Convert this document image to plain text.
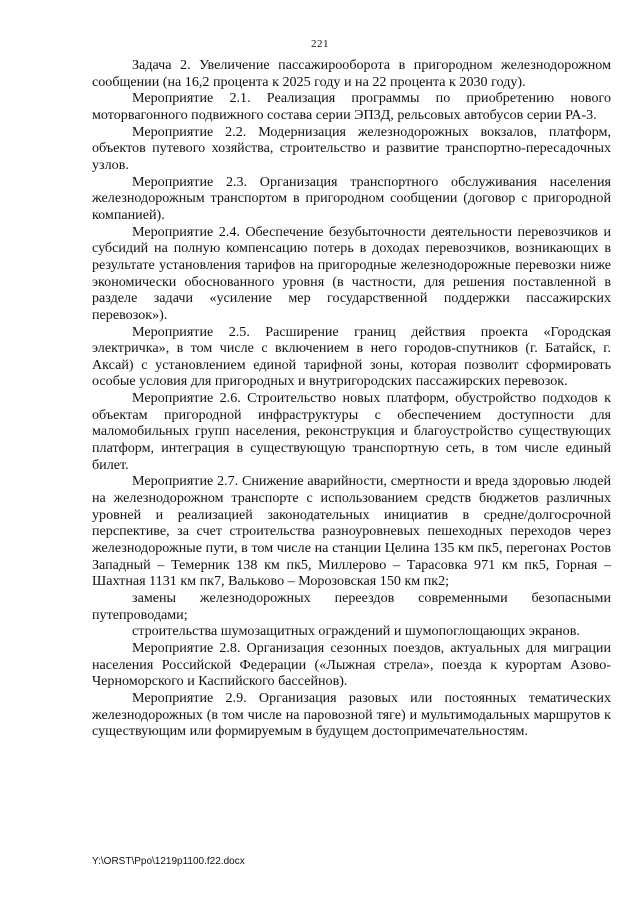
221

Задача 2. Увеличение пассажирооборота в пригородном железнодорожном сообщении (на 16,2 процента к 2025 году и на 22 процента к 2030 году).

Мероприятие 2.1. Реализация программы по приобретению нового моторвагонного подвижного состава серии ЭП3Д, рельсовых автобусов серии РА-3.

Мероприятие 2.2. Модернизация железнодорожных вокзалов, платформ, объектов путевого хозяйства, строительство и развитие транспортно-пересадочных узлов.

Мероприятие 2.3. Организация транспортного обслуживания населения железнодорожным транспортом в пригородном сообщении (договор с пригородной компанией).

Мероприятие 2.4. Обеспечение безубыточности деятельности перевозчиков и субсидий на полную компенсацию потерь в доходах перевозчиков, возникающих в результате установления тарифов на пригородные железнодорожные перевозки ниже экономически обоснованного уровня (в частности, для решения поставленной в разделе задачи «усиление мер государственной поддержки пассажирских перевозок»).

Мероприятие 2.5. Расширение границ действия проекта «Городская электричка», в том числе с включением в него городов-спутников (г. Батайск, г. Аксай) с установлением единой тарифной зоны, которая позволит сформировать особые условия для пригородных и внутригородских пассажирских перевозок.

Мероприятие 2.6. Строительство новых платформ, обустройство подходов к объектам пригородной инфраструктуры с обеспечением доступности для маломобильных групп населения, реконструкция и благоустройство существующих платформ, интеграция в существующую транспортную сеть, в том числе единый билет.

Мероприятие 2.7. Снижение аварийности, смертности и вреда здоровью людей на железнодорожном транспорте с использованием средств бюджетов различных уровней и реализацией законодательных инициатив в средне/долгосрочной перспективе, за счет строительства разноуровневых пешеходных переходов через железнодорожные пути, в том числе на станции Целина 135 км пк5, перегонах Ростов Западный – Темерник 138 км пк5, Миллерово – Тарасовка 971 км пк5, Горная – Шахтная 1131 км пк7, Вальково – Морозовская 150 км пк2;

замены железнодорожных переездов современными безопасными путепроводами;

строительства шумозащитных ограждений и шумопоглощающих экранов.

Мероприятие 2.8. Организация сезонных поездов, актуальных для миграции населения Российской Федерации («Лыжная стрела», поезда к курортам Азово-Черноморского и Каспийского бассейнов).

Мероприятие 2.9. Организация разовых или постоянных тематических железнодорожных (в том числе на паровозной тяге) и мультимодальных маршрутов к существующим или формируемым в будущем достопримечательностям.

Y:\ORST\Ppo\1219p1100.f22.docx
